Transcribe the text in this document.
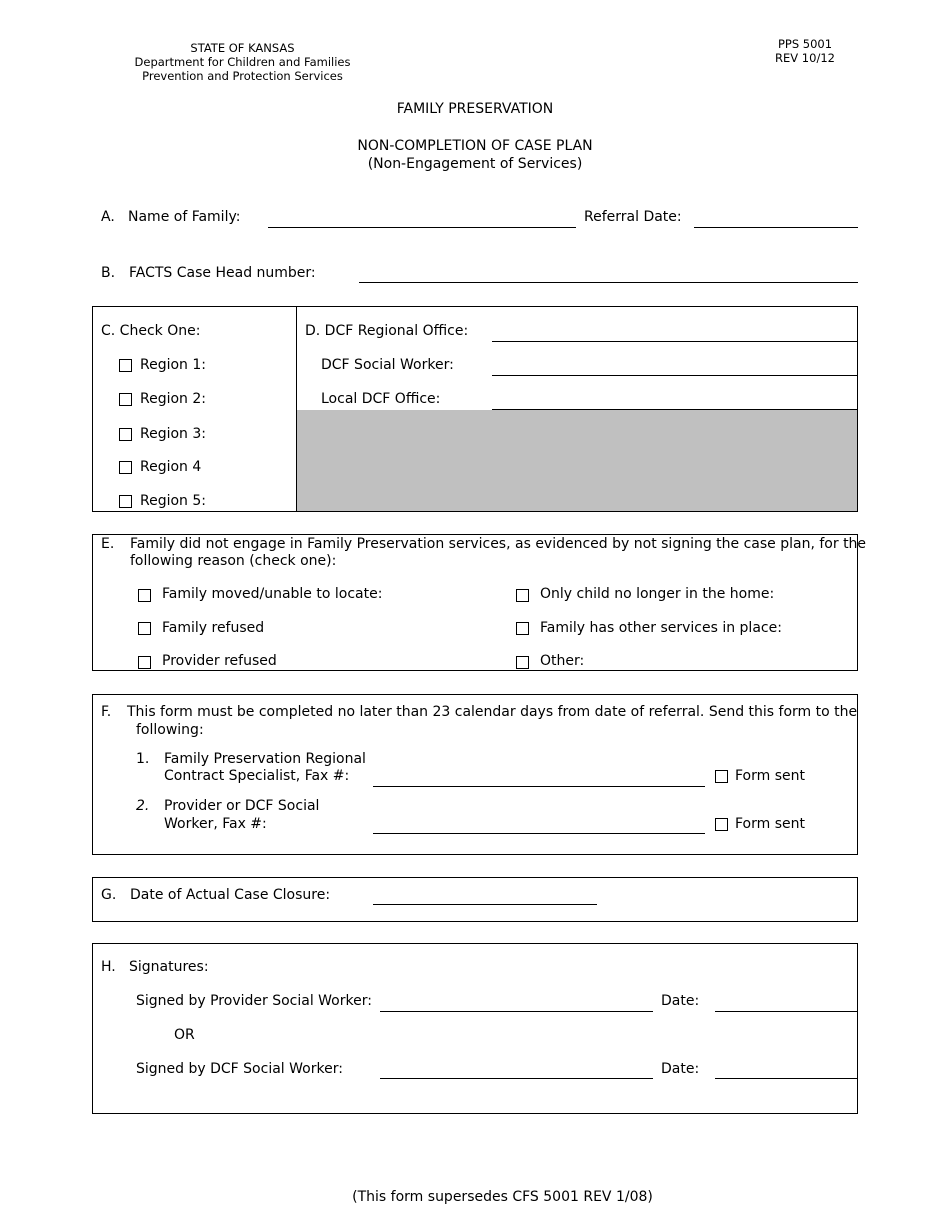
STATE OF KANSAS
Department for Children and Families
Prevention and Protection Services
PPS 5001
REV 10/12
FAMILY PRESERVATION
NON-COMPLETION OF CASE PLAN
(Non-Engagement of Services)
A. Name of Family:	Referral Date:
B. FACTS Case Head number:
C. Check One:
Region 1:
Region 2:
Region 3:
Region 4
Region 5:
D. DCF Regional Office:
DCF Social Worker:
Local DCF Office:
E. Family did not engage in Family Preservation services, as evidenced by not signing the case plan, for the
following reason (check one):
Family moved/unable to locate:
Family refused
Provider refused
Only child no longer in the home:
Family has other services in place:
Other:
F. This form must be completed no later than 23 calendar days from date of referral. Send this form to the
following:
1. Family Preservation Regional
Contract Specialist, Fax #:	Form sent
2. Provider or DCF Social
Worker, Fax #:	Form sent
G. Date of Actual Case Closure:
H. Signatures:
Signed by Provider Social Worker:	Date:
OR
Signed by DCF Social Worker:	Date:
(This form supersedes CFS 5001 REV 1/08)
